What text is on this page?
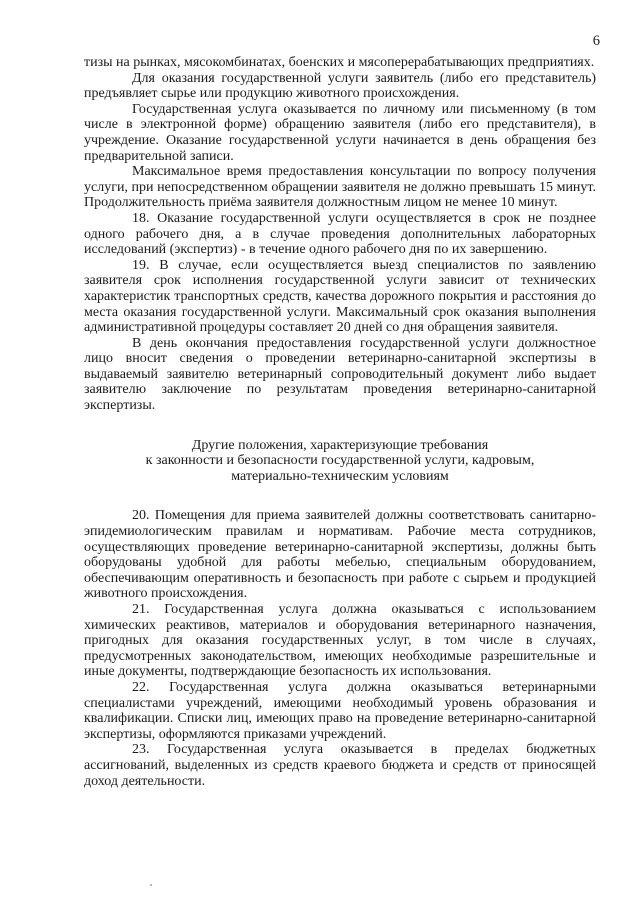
6

тизы на рынках, мясокомбинатах, боенских и мясоперерабатывающих предприятиях.

Для оказания государственной услуги заявитель (либо его представитель) предъявляет сырье или продукцию животного происхождения.

Государственная услуга оказывается по личному или письменному (в том числе в электронной форме) обращению заявителя (либо его представителя), в учреждение. Оказание государственной услуги начинается в день обращения без предварительной записи.

Максимальное время предоставления консультации по вопросу получения услуги, при непосредственном обращении заявителя не должно превышать 15 минут. Продолжительность приёма заявителя должностным лицом не менее 10 минут.

18. Оказание государственной услуги осуществляется в срок не позднее одного рабочего дня, а в случае проведения дополнительных лабораторных исследований (экспертиз) - в течение одного рабочего дня по их завершению.

19. В случае, если осуществляется выезд специалистов по заявлению заявителя срок исполнения государственной услуги зависит от технических характеристик транспортных средств, качества дорожного покрытия и расстояния до места оказания государственной услуги. Максимальный срок оказания выполнения административной процедуры составляет 20 дней со дня обращения заявителя.

В день окончания предоставления государственной услуги должностное лицо вносит сведения о проведении ветеринарно-санитарной экспертизы в выдаваемый заявителю ветеринарный сопроводительный документ либо выдает заявителю заключение по результатам проведения ветеринарно-санитарной экспертизы.

Другие положения, характеризующие требования
к законности и безопасности государственной услуги, кадровым,
материально-техническим условиям

20. Помещения для приема заявителей должны соответствовать санитарно-эпидемиологическим правилам и нормативам. Рабочие места сотрудников, осуществляющих проведение ветеринарно-санитарной экспертизы, должны быть оборудованы удобной для работы мебелью, специальным оборудованием, обеспечивающим оперативность и безопасность при работе с сырьем и продукцией животного происхождения.

21. Государственная услуга должна оказываться с использованием химических реактивов, материалов и оборудования ветеринарного назначения, пригодных для оказания государственных услуг, в том числе в случаях, предусмотренных законодательством, имеющих необходимые разрешительные и иные документы, подтверждающие безопасность их использования.

22. Государственная услуга должна оказываться ветеринарными специалистами учреждений, имеющими необходимый уровень образования и квалификации. Списки лиц, имеющих право на проведение ветеринарно-санитарной экспертизы, оформляются приказами учреждений.

23. Государственная услуга оказывается в пределах бюджетных ассигнований, выделенных из средств краевого бюджета и средств от приносящей доход деятельности.
